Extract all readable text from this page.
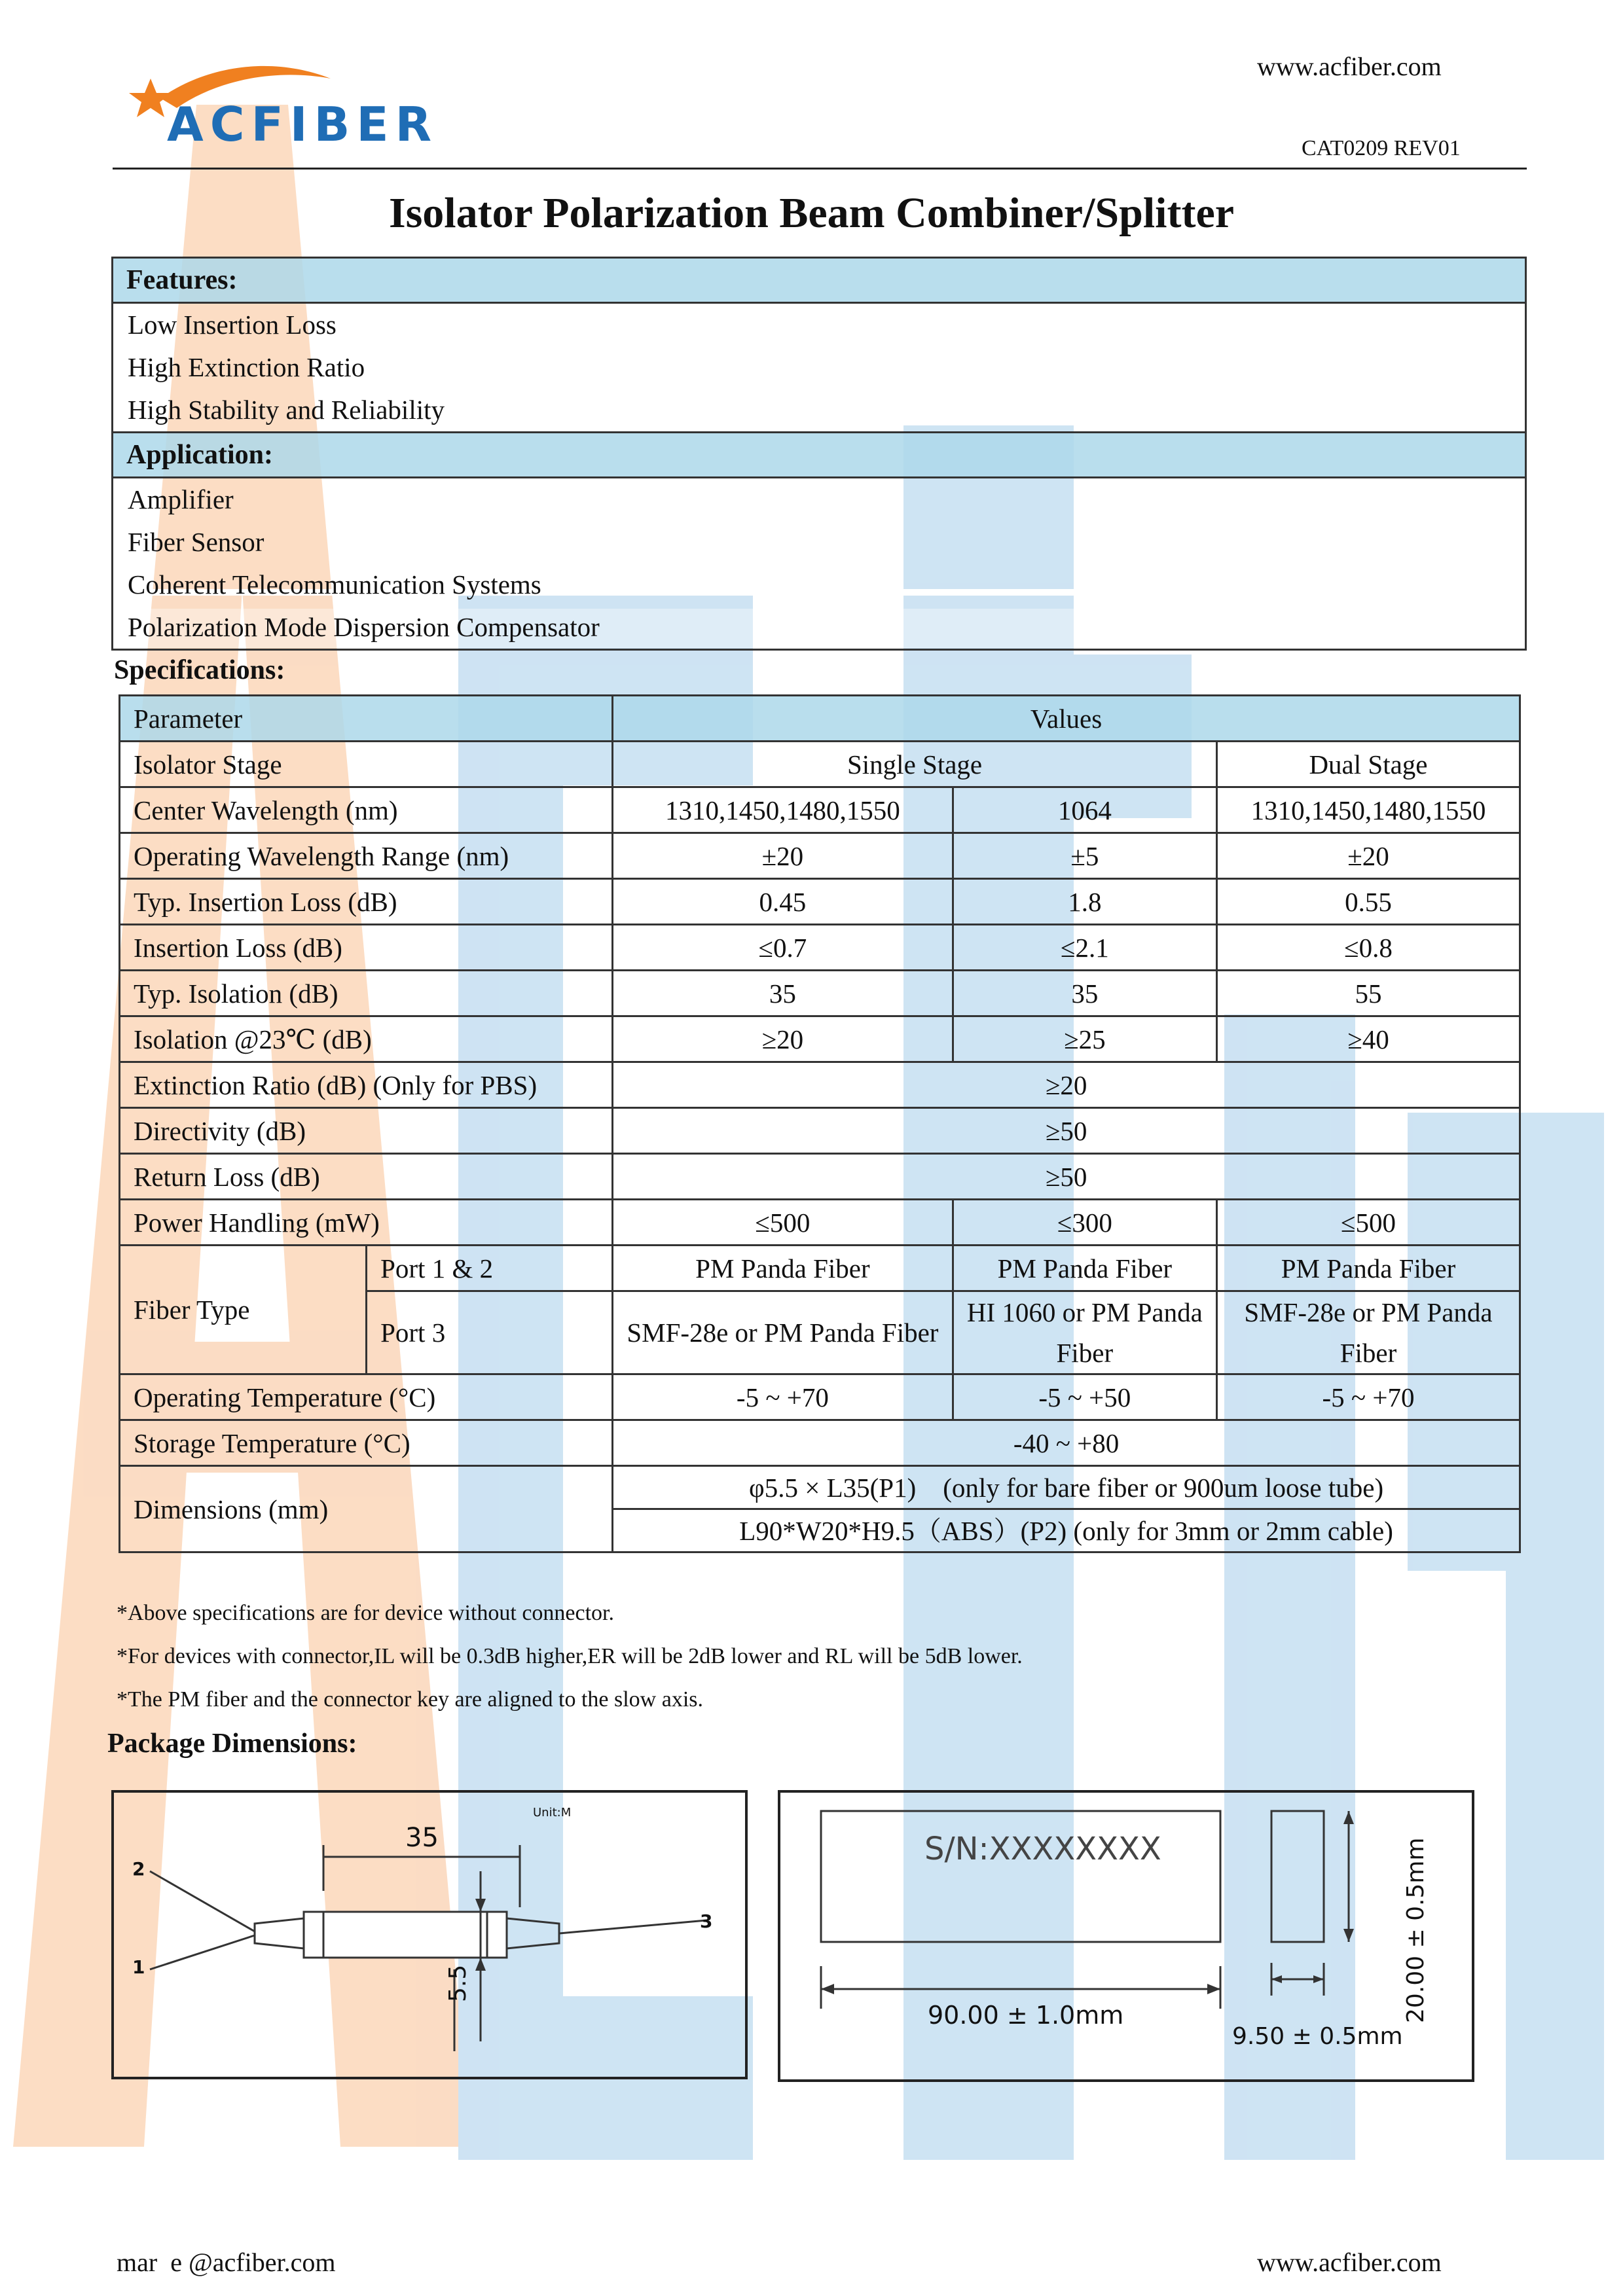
ACFIBER
www.acfiber.com
CAT0209 REV01
Isolator Polarization Beam Combiner/Splitter
Features:
Low Insertion Loss
High Extinction Ratio
High Stability and Reliability
Application:
Amplifier
Fiber Sensor
Coherent Telecommunication Systems
Polarization Mode Dispersion Compensator
Specifications:
Parameter		Values		
Isolator Stage		Single Stage		Dual Stage
Center Wavelength (nm)		1310,1450,1480,1550	1064	1310,1450,1480,1550
Operating Wavelength Range (nm)		±20	±5	±20
Typ. Insertion Loss (dB)		0.45	1.8	0.55
Insertion Loss (dB)		≤0.7	≤2.1	≤0.8
Typ. Isolation (dB)		35	35	55
Isolation @23℃ (dB)		≥20	≥25	≥40
Extinction Ratio (dB) (Only for PBS)		≥20		
Directivity (dB)		≥50		
Return Loss (dB)		≥50		
Power Handling (mW)		≤500	≤300	≤500
Fiber Type	Port 1 & 2	PM Panda Fiber	PM Panda Fiber	PM Panda Fiber
	Port 3	SMF-28e or PM Panda Fiber	HI 1060 or PM Panda Fiber	SMF-28e or PM Panda Fiber
Operating Temperature (°C)		-5 ~ +70	-5 ~ +50	-5 ~ +70
Storage Temperature (°C)		-40 ~ +80		
Dimensions (mm)		φ5.5 × L35(P1)    (only for bare fiber or 900um loose tube)		
		L90*W20*H9.5（ABS）(P2) (only for 3mm or 2mm cable)		
*Above specifications are for device without connector.
*For devices with connector,IL will be 0.3dB higher,ER will be 2dB lower and RL will be 5dB lower.
*The PM fiber and the connector key are aligned to the slow axis.
Package Dimensions:
Unit:M
35
5.5
2
1
3
S/N:XXXXXXXX
90.00 ± 1.0mm
9.50 ± 0.5mm
20.00 ± 0.5mm
mar  e @acfiber.com	www.acfiber.com
